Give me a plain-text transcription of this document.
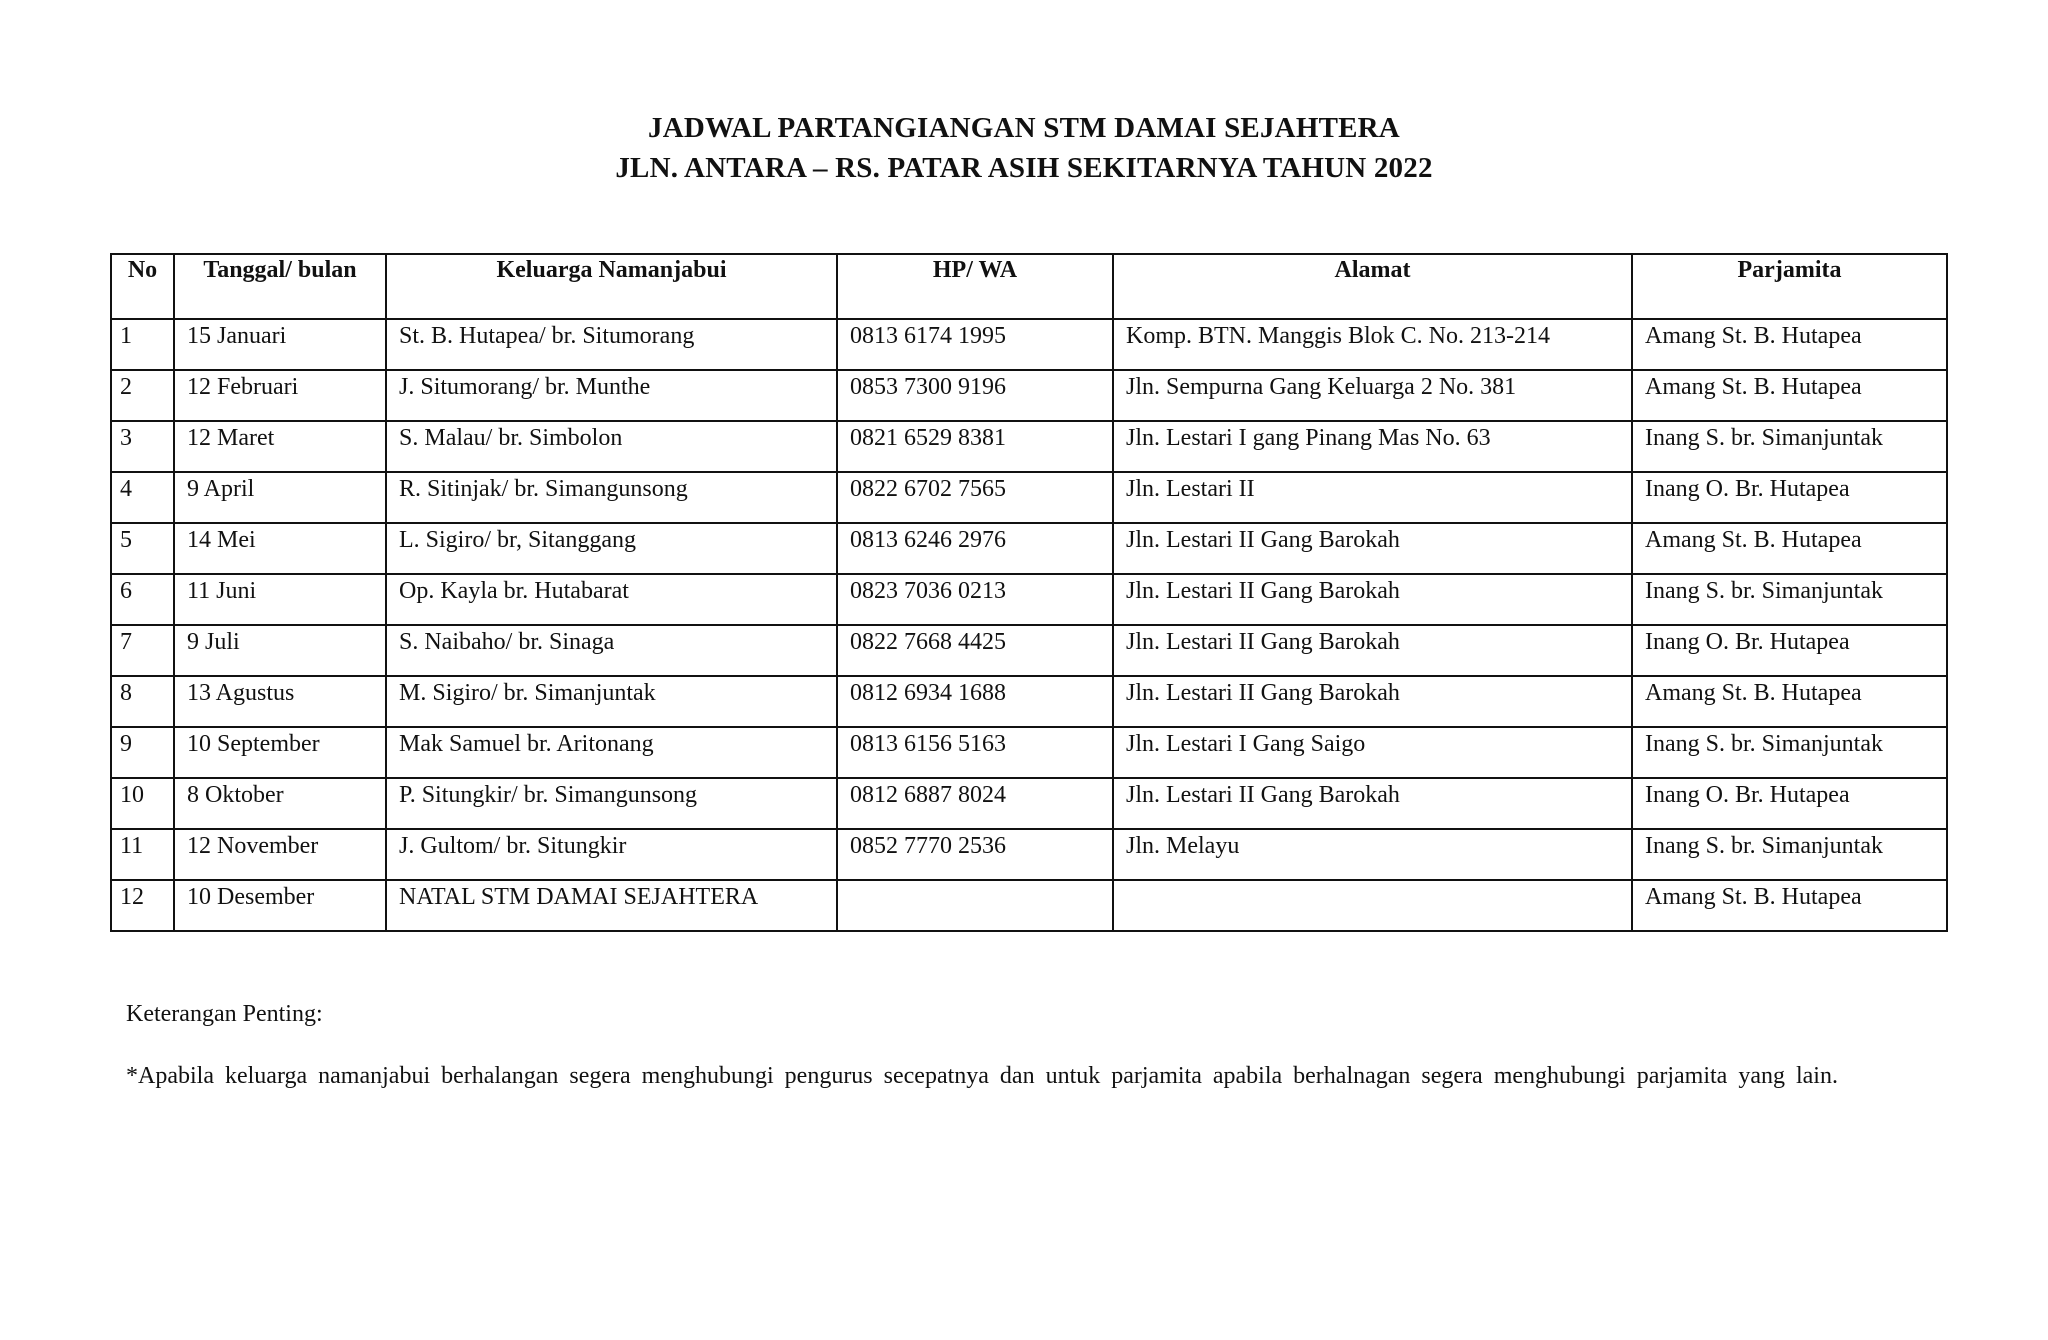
JADWAL PARTANGIANGAN STM DAMAI SEJAHTERA
JLN. ANTARA – RS. PATAR ASIH SEKITARNYA TAHUN 2022
No	Tanggal/ bulan	Keluarga Namanjabui	HP/ WA	Alamat	Parjamita
1	15 Januari	St. B. Hutapea/ br. Situmorang	0813 6174 1995	Komp. BTN. Manggis Blok C. No. 213-214	Amang St. B. Hutapea
2	12 Februari	J. Situmorang/ br. Munthe	0853 7300 9196	Jln. Sempurna Gang Keluarga 2 No. 381	Amang St. B. Hutapea
3	12 Maret	S. Malau/ br. Simbolon	0821 6529 8381	Jln. Lestari I gang Pinang Mas No. 63	Inang S. br. Simanjuntak
4	9 April	R. Sitinjak/ br. Simangunsong	0822 6702 7565	Jln. Lestari II	Inang O. Br. Hutapea
5	14 Mei	L. Sigiro/ br, Sitanggang	0813 6246 2976	Jln. Lestari II Gang Barokah	Amang St. B. Hutapea
6	11 Juni	Op. Kayla br. Hutabarat	0823 7036 0213	Jln. Lestari II Gang Barokah	Inang S. br. Simanjuntak
7	9 Juli	S. Naibaho/ br. Sinaga	0822 7668 4425	Jln. Lestari II Gang Barokah	Inang O. Br. Hutapea
8	13 Agustus	M. Sigiro/ br. Simanjuntak	0812 6934 1688	Jln. Lestari II Gang Barokah	Amang St. B. Hutapea
9	10 September	Mak Samuel br. Aritonang	0813 6156 5163	Jln. Lestari I Gang Saigo	Inang S. br. Simanjuntak
10	8 Oktober	P. Situngkir/ br. Simangunsong	0812 6887 8024	Jln. Lestari II Gang Barokah	Inang O. Br. Hutapea
11	12 November	J. Gultom/ br. Situngkir	0852 7770 2536	Jln. Melayu	Inang S. br. Simanjuntak
12	10 Desember	NATAL STM DAMAI SEJAHTERA			Amang St. B. Hutapea
Keterangan Penting:
*Apabila keluarga namanjabui berhalangan segera menghubungi pengurus secepatnya dan untuk parjamita apabila berhalnagan segera menghubungi parjamita yang lain.
